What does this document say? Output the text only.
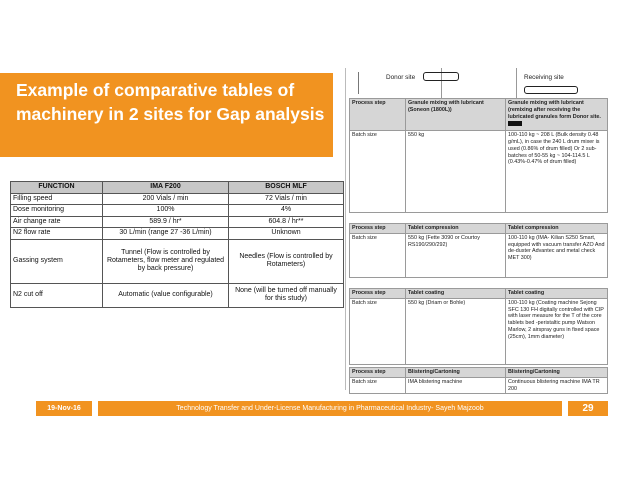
Example of comparative tables of machinery in 2 sites for Gap analysis
FUNCTION	IMA F200	BOSCH MLF
Filling speed	200 Vials / min	72 Vials / min
Dose monitoring	100%	4%
Air change rate	589.9 / hr*	604.8 / hr**
N2 flow rate	30 L/min (range 27 -36 L/min)	Unknown
Gassing system	Tunnel (Flow is controlled by Rotameters, flow meter and regulated by back pressure)	Needles (Flow is controlled by Rotameters)
N2 cut off	Automatic (value configurable)	None (will be turned off manually for this study)
Donor site	Receiving site
Process step	Granule mixing with lubricant (Soneon (1800L))	Granule mixing with lubricant (remixing after receiving the lubricated granules form Donor site.

Batch size	550 kg	100-110 kg ~ 208 L (Bulk density 0.48 g/mL), in case the 240 L drum mixer is used (0.86% of drum filled) Or 2 sub-batches of 50-55 kg ~ 104-114.5 L (0.43%-0.47% of drum filled)
Process step	Tablet compression	Tablet compression
Batch size	550 kg (Fette 3090 or Courtoy RS190/290/292)	100-110 kg (IMA- Kilian S250 Smart, equipped with vacuum transfer AZO And de-duster Advantec and metal check MET 300)
Process step	Tablet coating	Tablet coating
Batch size	550 kg (Driam or Bohle)	100-110 kg (Coating machine Sejong SFC 130 FH digitally controlled with CIP with laser measure for the T of the core tablets bed -peristaltic pump Watson Marlow, 2 airspray guns in fixed space (25cm), 1mm diameter)
Process step	Blistering/Cartoning	Blistering/Cartoning
Batch size	IMA blistering machine	Continuous blistering machine IMA TR 200
19-Nov-16	Technology Transfer and Under-License Manufacturing in Pharmaceutical Industry- Sayeh Majzoob	29
